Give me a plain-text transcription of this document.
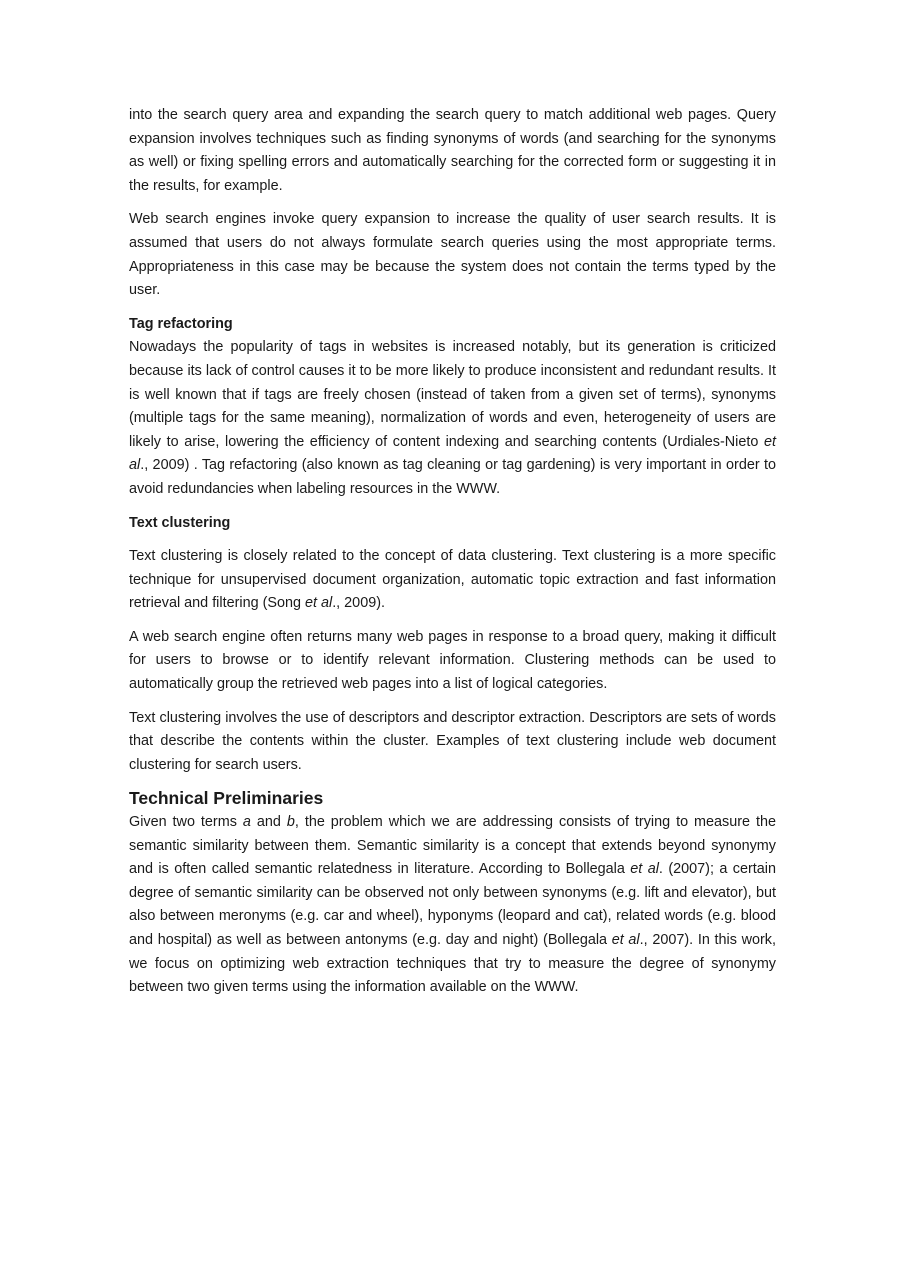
into the search query area and expanding the search query to match additional web pages. Query expansion involves techniques such as finding synonyms of words (and searching for the synonyms as well) or fixing spelling errors and automatically searching for the corrected form or suggesting it in the results, for example.

Web search engines invoke query expansion to increase the quality of user search results. It is assumed that users do not always formulate search queries using the most appropriate terms. Appropriateness in this case may be because the system does not contain the terms typed by the user.

Tag refactoring

Nowadays the popularity of tags in websites is increased notably, but its generation is criticized because its lack of control causes it to be more likely to produce inconsistent and redundant results. It is well known that if tags are freely chosen (instead of taken from a given set of terms), synonyms (multiple tags for the same meaning), normalization of words and even, heterogeneity of users are likely to arise, lowering the efficiency of content indexing and searching contents (Urdiales-Nieto et al., 2009) . Tag refactoring (also known as tag cleaning or tag gardening) is very important in order to avoid redundancies when labeling resources in the WWW.

Text clustering

Text clustering is closely related to the concept of data clustering. Text clustering is a more specific technique for unsupervised document organization, automatic topic extraction and fast information retrieval and filtering (Song et al., 2009).

A web search engine often returns many web pages in response to a broad query, making it difficult for users to browse or to identify relevant information. Clustering methods can be used to automatically group the retrieved web pages into a list of logical categories.

Text clustering involves the use of descriptors and descriptor extraction. Descriptors are sets of words that describe the contents within the cluster. Examples of text clustering include web document clustering for search users.

Technical Preliminaries

Given two terms a and b, the problem which we are addressing consists of trying to measure the semantic similarity between them. Semantic similarity is a concept that extends beyond synonymy and is often called semantic relatedness in literature. According to Bollegala et al. (2007); a certain degree of semantic similarity can be observed not only between synonyms (e.g. lift and elevator), but also between meronyms (e.g. car and wheel), hyponyms (leopard and cat), related words (e.g. blood and hospital) as well as between antonyms (e.g. day and night) (Bollegala et al., 2007). In this work, we focus on optimizing web extraction techniques that try to measure the degree of synonymy between two given terms using the information available on the WWW.
